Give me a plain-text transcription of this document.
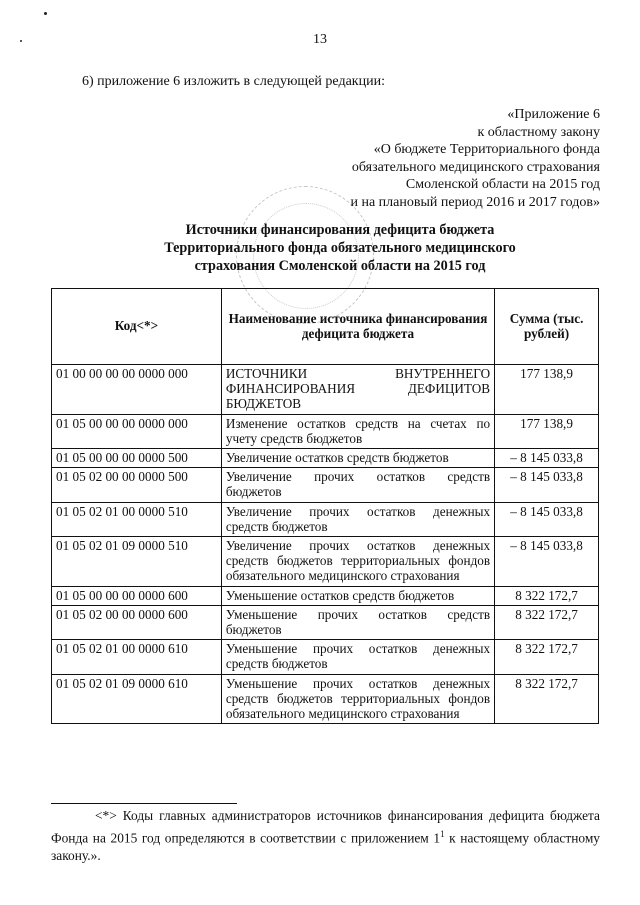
13
6) приложение 6 изложить в следующей редакции:
«Приложение 6
к областному закону
«О бюджете Территориального фонда
обязательного медицинского страхования
Смоленской области на 2015 год
и на плановый период 2016 и 2017 годов»
Источники финансирования дефицита бюджета
Территориального фонда обязательного медицинского
страхования Смоленской области на 2015 год
Код<*>	Наименование источника финансирования дефицита бюджета	Сумма (тыс. рублей)
01 00 00 00 00 0000 000	ИСТОЧНИКИ ВНУТРЕННЕГО ФИНАНСИРОВАНИЯ ДЕФИЦИТОВ БЮДЖЕТОВ	177 138,9
01 05 00 00 00 0000 000	Изменение остатков средств на счетах по учету средств бюджетов	177 138,9
01 05 00 00 00 0000 500	Увеличение остатков средств бюджетов	– 8 145 033,8
01 05 02 00 00 0000 500	Увеличение прочих остатков средств бюджетов	– 8 145 033,8
01 05 02 01 00 0000 510	Увеличение прочих остатков денежных средств бюджетов	– 8 145 033,8
01 05 02 01 09 0000 510	Увеличение прочих остатков денежных средств бюджетов территориальных фондов обязательного медицинского страхования	– 8 145 033,8
01 05 00 00 00 0000 600	Уменьшение остатков средств бюджетов	8 322 172,7
01 05 02 00 00 0000 600	Уменьшение прочих остатков средств бюджетов	8 322 172,7
01 05 02 01 00 0000 610	Уменьшение прочих остатков денежных средств бюджетов	8 322 172,7
01 05 02 01 09 0000 610	Уменьшение прочих остатков денежных средств бюджетов территориальных фондов обязательного медицинского страхования	8 322 172,7
<*> Коды главных администраторов источников финансирования дефицита бюджета Фонда на 2015 год определяются в соответствии с приложением $1^1$ к настоящему областному закону.».
